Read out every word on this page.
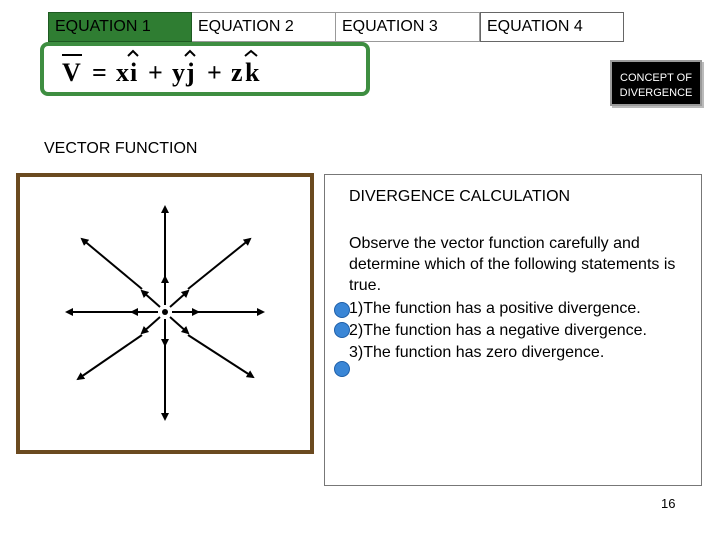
EQUATION 1	EQUATION 2	EQUATION 3	EQUATION 4
V = x i + y j + z k	CONCEPT OF
DIVERGENCE
VECTOR FUNCTION
DIVERGENCE CALCULATION
Observe the vector function carefully and determine which of the following statements is true.
1)The function has a positive divergence.
2)The function has a negative divergence.
3)The function has zero divergence.
16
